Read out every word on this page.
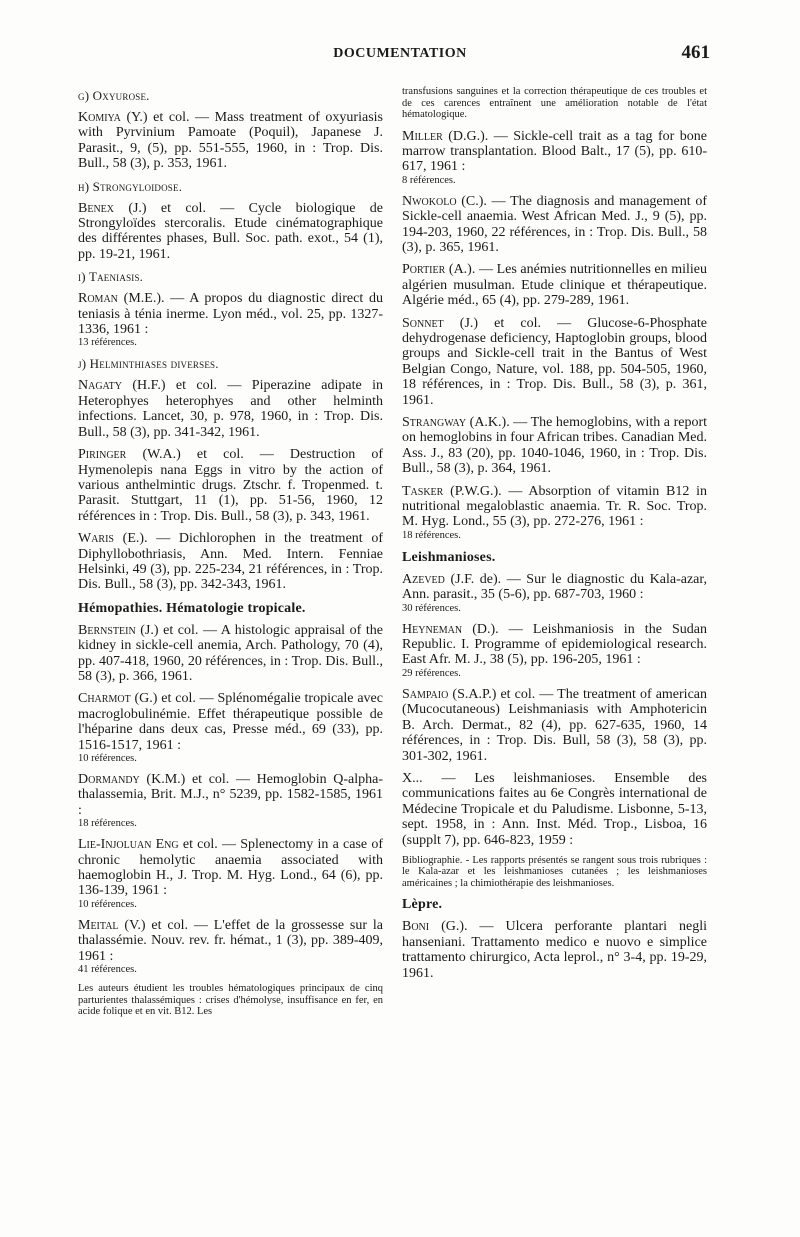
DOCUMENTATION	461
g) Oxyurose.
Komiya (Y.) et col. — Mass treatment of oxyuriasis with Pyrvinium Pamoate (Poquil), Japanese J. Parasit., 9, (5), pp. 551-555, 1960, in : Trop. Dis. Bull., 58 (3), p. 353, 1961.
h) Strongyloidose.
Benex (J.) et col. — Cycle biologique de Strongyloïdes stercoralis. Etude cinématographique des différentes phases, Bull. Soc. path. exot., 54 (1), pp. 19-21, 1961.
i) Taeniasis.
Roman (M.E.). — A propos du diagnostic direct du teniasis à ténia inerme. Lyon méd., vol. 25, pp. 1327-1336, 1961 :
13 références.
j) Helminthiases diverses.
Nagaty (H.F.) et col. — Piperazine adipate in Heterophyes heterophyes and other helminth infections. Lancet, 30, p. 978, 1960, in : Trop. Dis. Bull., 58 (3), pp. 341-342, 1961.
Piringer (W.A.) et col. — Destruction of Hymenolepis nana Eggs in vitro by the action of various anthelmintic drugs. Ztschr. f. Tropenmed. t. Parasit. Stuttgart, 11 (1), pp. 51-56, 1960, 12 références in : Trop. Dis. Bull., 58 (3), p. 343, 1961.
Waris (E.). — Dichlorophen in the treatment of Diphyllobothriasis, Ann. Med. Intern. Fenniae Helsinki, 49 (3), pp. 225-234, 21 références, in : Trop. Dis. Bull., 58 (3), pp. 342-343, 1961.
Hémopathies. Hématologie tropicale.
Bernstein (J.) et col. — A histologic appraisal of the kidney in sickle-cell anemia, Arch. Pathology, 70 (4), pp. 407-418, 1960, 20 références, in : Trop. Dis. Bull., 58 (3), p. 366, 1961.
Charmot (G.) et col. — Splénomégalie tropicale avec macroglobulinémie. Effet thérapeutique possible de l'héparine dans deux cas, Presse méd., 69 (33), pp. 1516-1517, 1961 :
10 références.
Dormandy (K.M.) et col. — Hemoglobin Q-alpha-thalassemia, Brit. M.J., n° 5239, pp. 1582-1585, 1961 :
18 références.
Lie-Injoluan Eng et col. — Splenectomy in a case of chronic hemolytic anaemia associated with haemoglobin H., J. Trop. M. Hyg. Lond., 64 (6), pp. 136-139, 1961 :
10 références.
Meital (V.) et col. — L'effet de la grossesse sur la thalassémie. Nouv. rev. fr. hémat., 1 (3), pp. 389-409, 1961 :
41 références.
Les auteurs étudient les troubles hématologiques principaux de cinq parturientes thalassémiques : crises d'hémolyse, insuffisance en fer, en acide folique et en vit. B12. Les
transfusions sanguines et la correction thérapeutique de ces troubles et de ces carences entraînent une amélioration notable de l'état hématologique.
Miller (D.G.). — Sickle-cell trait as a tag for bone marrow transplantation. Blood Balt., 17 (5), pp. 610-617, 1961 :
8 références.
Nwokolo (C.). — The diagnosis and management of Sickle-cell anaemia. West African Med. J., 9 (5), pp. 194-203, 1960, 22 références, in : Trop. Dis. Bull., 58 (3), p. 365, 1961.
Portier (A.). — Les anémies nutritionnelles en milieu algérien musulman. Etude clinique et thérapeutique. Algérie méd., 65 (4), pp. 279-289, 1961.
Sonnet (J.) et col. — Glucose-6-Phosphate dehydrogenase deficiency, Haptoglobin groups, blood groups and Sickle-cell trait in the Bantus of West Belgian Congo, Nature, vol. 188, pp. 504-505, 1960, 18 références, in : Trop. Dis. Bull., 58 (3), p. 361, 1961.
Strangway (A.K.). — The hemoglobins, with a report on hemoglobins in four African tribes. Canadian Med. Ass. J., 83 (20), pp. 1040-1046, 1960, in : Trop. Dis. Bull., 58 (3), p. 364, 1961.
Tasker (P.W.G.). — Absorption of vitamin B12 in nutritional megaloblastic anaemia. Tr. R. Soc. Trop. M. Hyg. Lond., 55 (3), pp. 272-276, 1961 :
18 références.
Leishmanioses.
Azeved (J.F. de). — Sur le diagnostic du Kala-azar, Ann. parasit., 35 (5-6), pp. 687-703, 1960 :
30 références.
Heyneman (D.). — Leishmaniosis in the Sudan Republic. I. Programme of epidemiological research. East Afr. M. J., 38 (5), pp. 196-205, 1961 :
29 références.
Sampaio (S.A.P.) et col. — The treatment of american (Mucocutaneous) Leishmaniasis with Amphotericin B. Arch. Dermat., 82 (4), pp. 627-635, 1960, 14 références, in : Trop. Dis. Bull, 58 (3), 58 (3), pp. 301-302, 1961.
X... — Les leishmanioses. Ensemble des communications faites au 6e Congrès international de Médecine Tropicale et du Paludisme. Lisbonne, 5-13, sept. 1958, in : Ann. Inst. Méd. Trop., Lisboa, 16 (supplt 7), pp. 646-823, 1959 :
Bibliographie. - Les rapports présentés se rangent sous trois rubriques : le Kala-azar et les leishmanioses cutanées ; les leishmanioses américaines ; la chimiothérapie des leishmanioses.
Lèpre.
Boni (G.). — Ulcera perforante plantari negli hanseniani. Trattamento medico e nuovo e simplice trattamento chirurgico, Acta leprol., n° 3-4, pp. 19-29, 1961.
